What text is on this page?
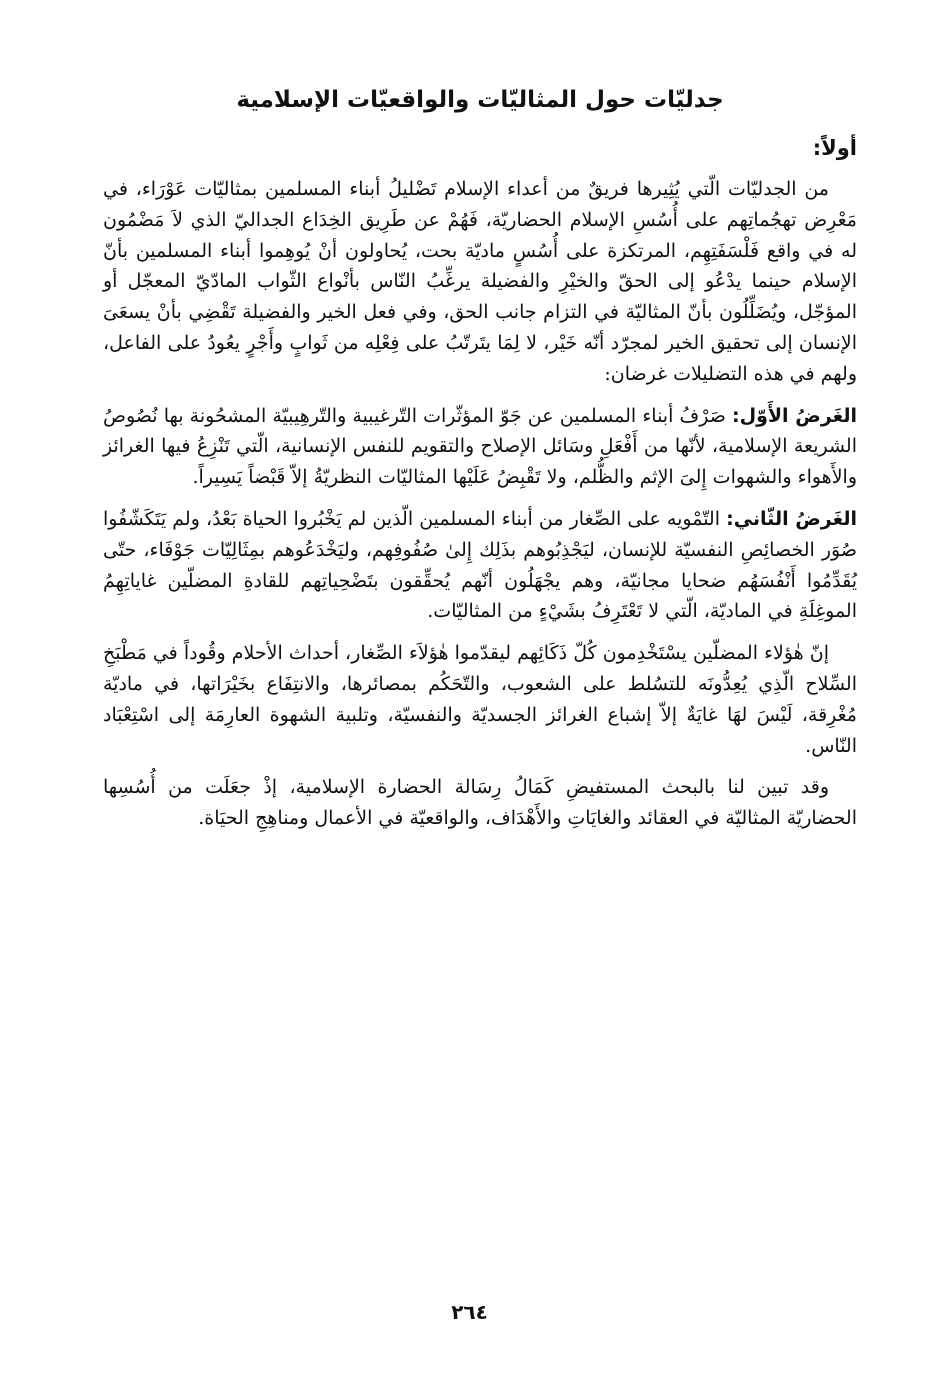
جدليّات حول المثاليّات والواقعيّات الإسلامية
أولاً:

من الجدليّات الّتي يُثِيرها فريقٌ من أعداء الإسلام تَضْليلُ أبناء المسلمين بمثاليّات عَوْرَاء، في مَعْرِض تهجُماتِهم على أُسُسِ الإسلام الحضاريّة، فَهُمْ عن طَرِيق الخِدَاع الجداليّ الذي لاَ مَضْمُون له في واقع فَلْسَفَتِهِم، المرتكزة على أُسُسٍ ماديّة بحت، يُحاولون أنْ يُوهِموا أبناء المسلمين بأنّ الإسلام حينما يدْعُو إلى الحقّ والخيْرِ والفضيلة يرغِّبُ النّاس بأنْواع الثّواب المادّيّ المعجّل أو المؤجّل، ويُضَلِّلُون بأنّ المثاليّة في التزام جانب الحق، وفي فعل الخير والفضيلة تَقْضِي بأنْ يسعَىَ الإنسان إلى تحقيق الخير لمجرّد أنّه خَيْر، لا لِمَا يتَرتّبُ على فِعْلِه من ثَوابٍ وأَجْرٍ يعُودُ على الفاعل، ولهم في هذه التضليلات غرضان:

الغَرضُ الأَوّل: صَرْفُ أبناء المسلمين عن جَوّ المؤثّرات التّرغيبية والتّرهِيبيّة المشحُونة بها نُصُوصُ الشريعة الإسلامية، لأنّها من أَفْعَلِ وسَائل الإصلاح والتقويم للنفس الإنسانية، الّتي تَنْزِعُ فيها الغرائز والأَهواء والشهوات إِلىَ الإثم والظُّلم، ولا تَقْبِضُ عَلَيْها المثاليّات النظريّةُ إلاّ قَبْضاً يَسِيراً.

الغَرضُ الثّاني: التّمْويه على الصِّغار من أبناء المسلمين الّذين لم يَخْبُروا الحياة بَعْدُ، ولم يَتَكَشّفُوا صُوَر الخصائِصِ النفسيّة للإنسان، ليَجْذِبُوهم بذَلِك إِلىٰ صُفُوفِهم، وليَخْدَعُوهم بمِثَالِيّات جَوْفَاء، حتّى يُقَدِّمُوا أَنْفُسَهُم ضحايا مجانيّة، وهم يجْهَلُون أنّهم يُحقِّقون بتَضْحِياتِهم للقادةِ المضلّين غاياتِهِمُ الموغِلَةِ في الماديّة، الّتي لا تَعْتَرِفُ بشَيْءٍ من المثاليّات.

إنّ هٰؤلاء المضلّين يسْتَخْدِمون كُلّ ذَكَائِهم ليقدّموا هٰؤلاَء الصِّغار، أحداث الأحلام وقُوداً في مَطْبَخِ السِّلاح الّذِي يُعِدُّونَه للتسُلط على الشعوب، والتّحَكُم بمصائرها، والانتِفَاع بخَيْرَاتها، في ماديّة مُغْرِقة، لَيْسَ لهَا غايَةٌ إلاّ إشباع الغرائز الجسديّة والنفسيّة، وتلبية الشهوة العارِمَة إلى اسْتِعْبَاد النّاس.

وقد تبين لنا بالبحث المستفيضِ كَمَالُ رِسَالة الحضارة الإسلامية، إذْ جعَلَت من أُسُسِها الحضاريّة المثاليّة في العقائد والغايَاتِ والأَهْدَاف، والواقعيّة في الأعمال ومناهِجِ الحيَاة.

٢٦٤
